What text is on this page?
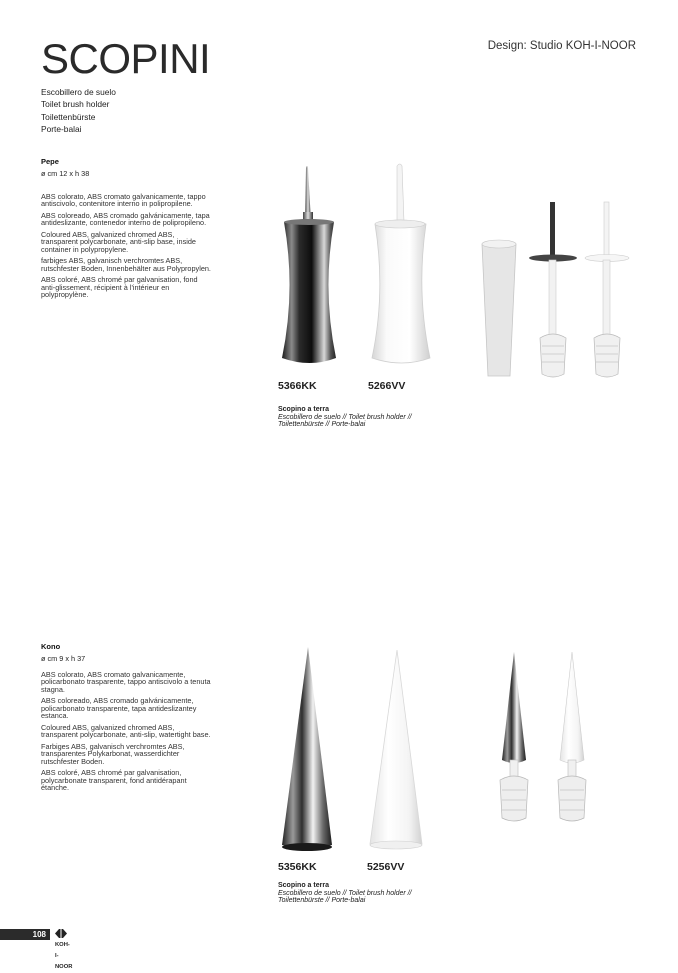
SCOPINI	Design: Studio KOH-I-NOOR
Escobillero de suelo
Toilet brush holder
Toilettenbürste
Porte-balai
Pepe
ø cm 12 x h 38

ABS colorato, ABS cromato galvanicamente, tappo antiscivolo, contenitore interno in polipropilene.

ABS coloreado, ABS cromado galvánicamente, tapa antideslizante, contenedor interno de polipropileno.

Coloured ABS, galvanized chromed ABS, transparent polycarbonate, anti-slip base, inside container in polypropylene.

farbiges ABS, galvanisch verchromtes ABS, rutschfester Boden, Innenbehälter aus Polypropylen.

ABS coloré, ABS chromé par galvanisation, fond anti-glissement, récipient à l'intérieur en polypropylène.

5366KK	5266VV
Scopino a terra
Escobillero de suelo // Toilet brush holder // Toilettenbürste // Porte-balai
Kono
ø cm 9 x h 37

ABS colorato, ABS cromato galvanicamente, policarbonato trasparente, tappo antiscivolo a tenuta stagna.

ABS coloreado, ABS cromado galvánicamente, policarbonato transparente, tapa antideslizantey estanca.

Coloured ABS, galvanized chromed ABS, transparent polycarbonate, anti-slip, watertight base.

Farbiges ABS, galvanisch verchromtes ABS, transparentes Polykarbonat, wasserdichter rutschfester Boden.

ABS coloré, ABS chromé par galvanisation, polycarbonate transparent, fond antidérapant étanche.

5356KK	5256VV
Scopino a terra
Escobillero de suelo // Toilet brush holder // Toilettenbürste // Porte-balai
108
KOH-I-NOOR
